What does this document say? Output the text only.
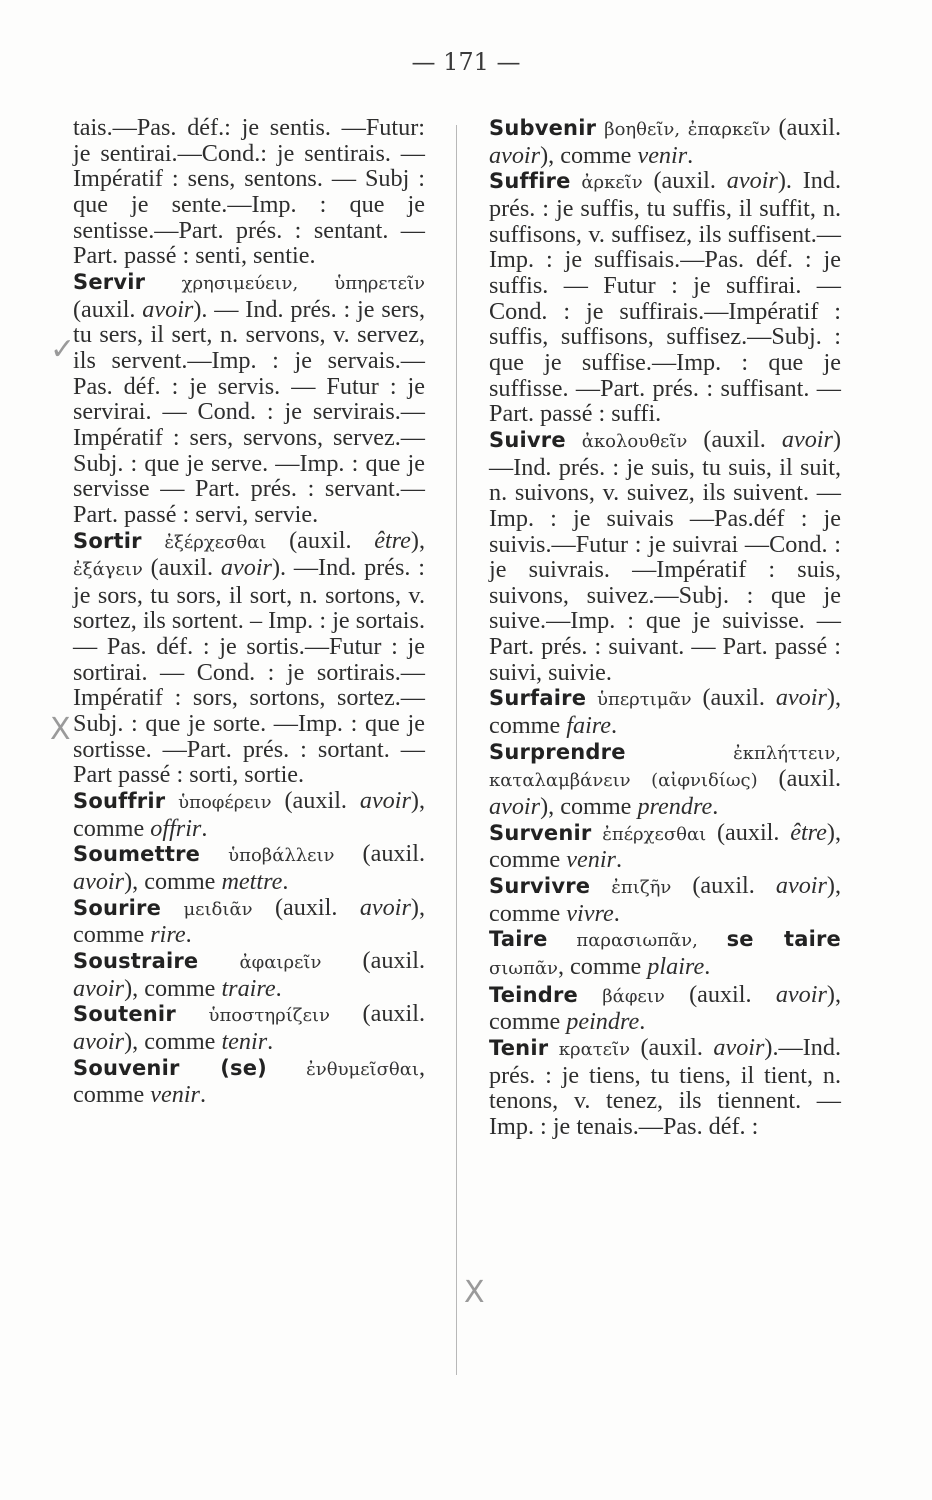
— 171 —
✓
X
X

tais.—Pas. déf.: je sentis. —Futur: je sentirai.—Cond.: je sentirais. — Impératif : sens, sentons. — Subj : que je sente.—Imp. : que je sentisse.—Part. prés. : sentant. —Part. passé : senti, sentie.

Servir χρησιμεύειν, ὑπηρετεῖν (auxil. avoir). — Ind. prés. : je sers, tu sers, il sert, n. servons, v. servez, ils servent.—Imp. : je servais.—Pas. déf. : je servis. — Futur : je servirai. — Cond. : je servirais.—Impératif : sers, servons, servez.—Subj. : que je serve. —Imp. : que je servisse — Part. prés. : servant.— Part. passé : servi, servie.

Sortir ἐξέρχεσθαι (auxil. être), ἐξάγειν (auxil. avoir). —Ind. prés. : je sors, tu sors, il sort, n. sortons, v. sortez, ils sortent. – Imp. : je sortais. — Pas. déf. : je sortis.—Futur : je sortirai. — Cond. : je sortirais.—Impératif : sors, sortons, sortez.—Subj. : que je sorte. —Imp. : que je sortisse. —Part. prés. : sortant. — Part passé : sorti, sortie.

Souffrir ὑποφέρειν (auxil. avoir), comme offrir.

Soumettre ὑποβάλλειν (auxil. avoir), comme mettre.

Sourire μειδιᾶν (auxil. avoir), comme rire.

Soustraire ἀφαιρεῖν (auxil. avoir), comme traire.

Soutenir ὑποστηρίζειν (auxil. avoir), comme tenir.

Souvenir (se) ἐνθυμεῖσθαι, comme venir.

Subvenir βοηθεῖν, ἐπαρκεῖν (auxil. avoir), comme venir.

Suffire ἀρκεῖν (auxil. avoir). Ind. prés. : je suffis, tu suffis, il suffit, n. suffisons, v. suffisez, ils suffisent.—Imp. : je suffisais.—Pas. déf. : je suffis. — Futur : je suffirai. — Cond. : je suffirais.—Impératif : suffis, suffisons, suffisez.—Subj. : que je suffise.—Imp. : que je suffisse. —Part. prés. : suffisant. — Part. passé : suffi.

Suivre ἀκολουθεῖν (auxil. avoir) —Ind. prés. : je suis, tu suis, il suit, n. suivons, v. suivez, ils suivent. — Imp. : je suivais —Pas.déf : je suivis.—Futur : je suivrai —Cond. : je suivrais. —Impératif : suis, suivons, suivez.—Subj. : que je suive.—Imp. : que je suivisse. —Part. prés. : suivant. — Part. passé : suivi, suivie.

Surfaire ὑπερτιμᾶν (auxil. avoir), comme faire.

Surprendre	ἐκπλήττειν, καταλαμβάνειν (αἰφνιδίως) (auxil. avoir), comme prendre.

Survenir ἐπέρχεσθαι (auxil. être), comme venir.

Survivre ἐπιζῆν (auxil. avoir), comme vivre.

Taire παρασιωπᾶν, se taire σιωπᾶν, comme plaire.

Teindre βάφειν (auxil. avoir), comme peindre.

Tenir κρατεῖν (auxil. avoir).—Ind. prés. : je tiens, tu tiens, il tient, n. tenons, v. tenez, ils tiennent. — Imp. : je tenais.—Pas. déf. :
